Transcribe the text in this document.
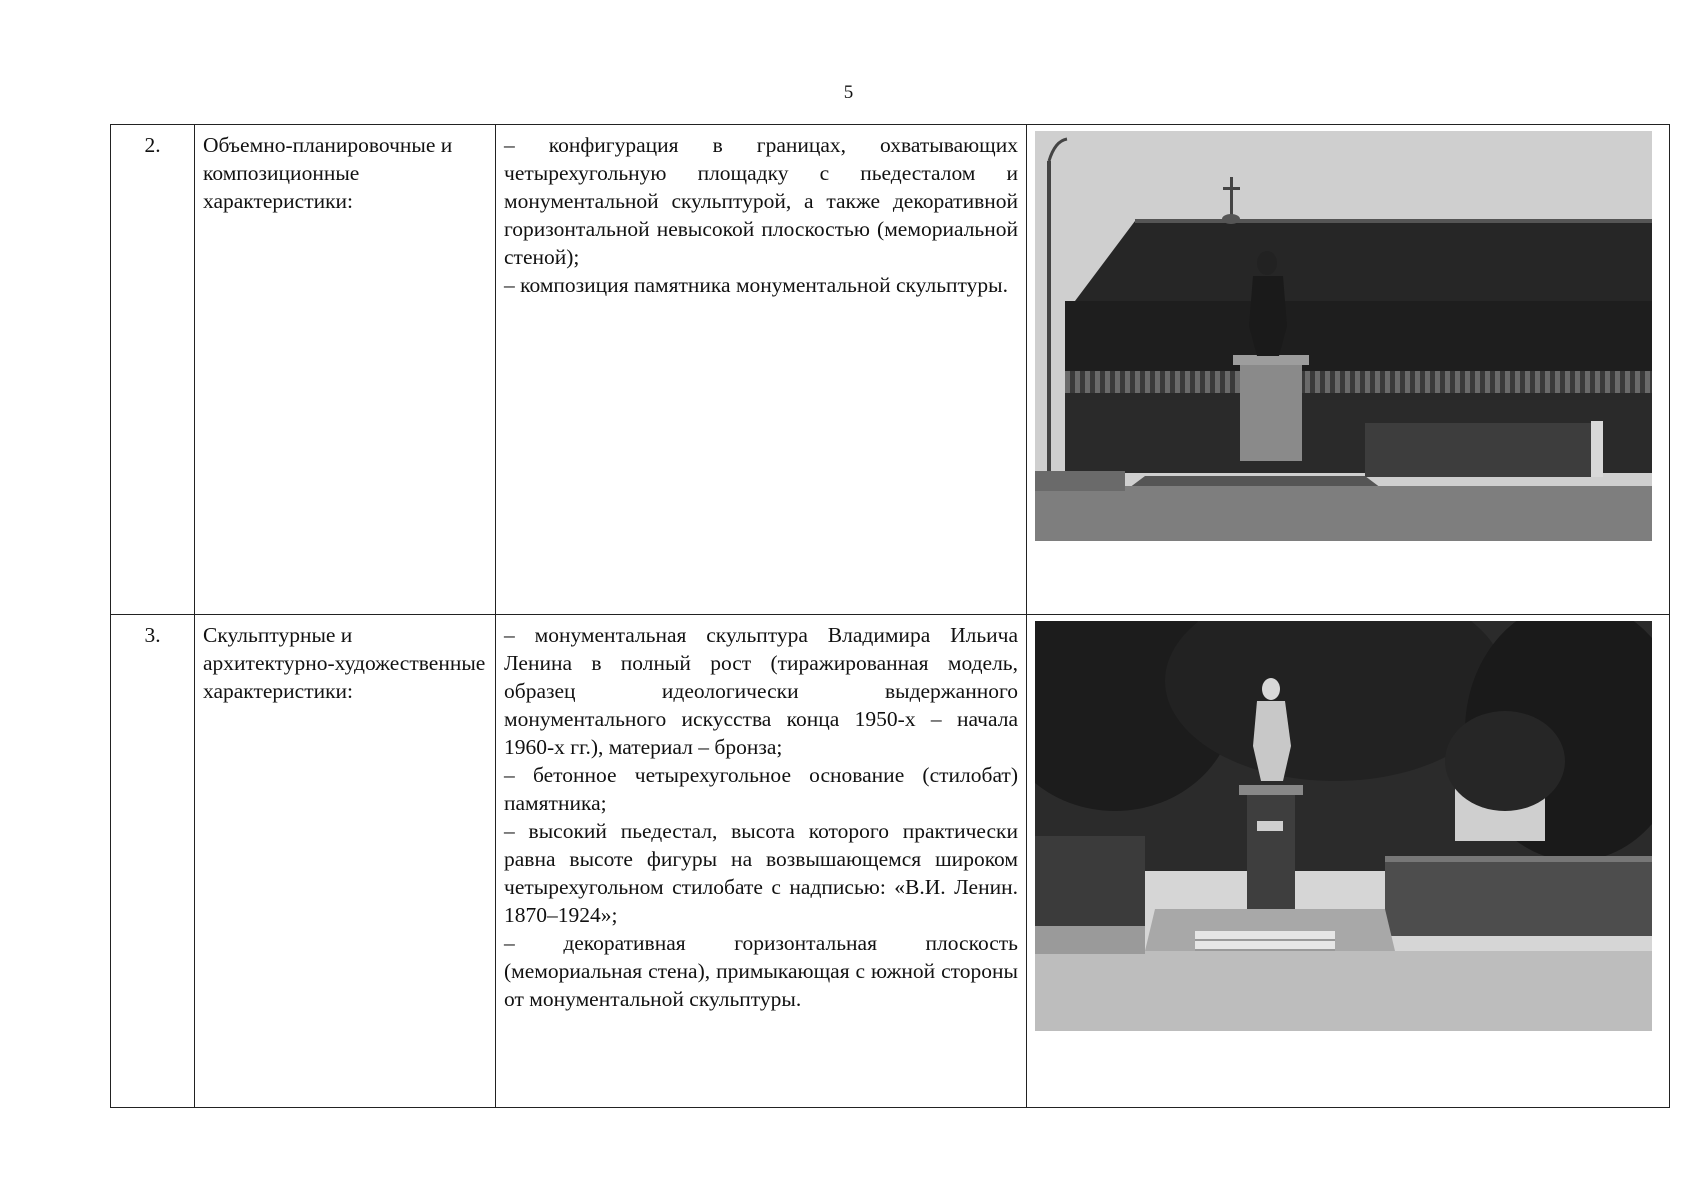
5
2.	Объемно-планировочные и композиционные характеристики:	– конфигурация в границах, охватывающих четырехугольную площадку с пьедесталом и монументальной скульптурой, а также декоративной горизонтальной невысокой плоскостью (мемориальной стеной);

– композиция памятника монументальной скульптуры.

3.	Скульптурные и архитектурно-художественные характеристики:	– монументальная скульптура Владимира Ильича Ленина в полный рост (тиражированная модель, образец идеологически выдержанного монументального искусства конца 1950-х – начала 1960-х гг.), материал – бронза;

– бетонное четырехугольное основание (стилобат) памятника;

– высокий пьедестал, высота которого практически равна высоте фигуры на возвышающемся широком четырехугольном стилобате с надписью: «В.И. Ленин. 1870–1924»;

– декоративная горизонтальная плоскость (мемориальная стена), примыкающая с южной стороны от монументальной скульптуры.
